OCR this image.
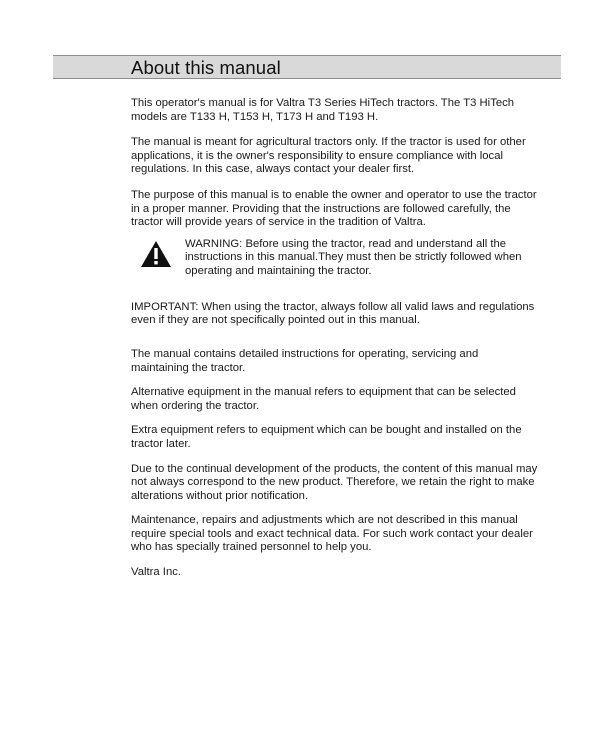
About this manual

This operator's manual is for Valtra T3 Series HiTech tractors. The T3 HiTech
models are T133 H, T153 H, T173 H and T193 H.

The manual is meant for agricultural tractors only. If the tractor is used for other
applications, it is the owner's responsibility to ensure compliance with local
regulations. In this case, always contact your dealer first.

The purpose of this manual is to enable the owner and operator to use the tractor
in a proper manner. Providing that the instructions are followed carefully, the
tractor will provide years of service in the tradition of Valtra.

WARNING: Before using the tractor, read and understand all the
instructions in this manual.They must then be strictly followed when
operating and maintaining the tractor.

IMPORTANT: When using the tractor, always follow all valid laws and regulations
even if they are not specifically pointed out in this manual.

The manual contains detailed instructions for operating, servicing and
maintaining the tractor.

Alternative equipment in the manual refers to equipment that can be selected
when ordering the tractor.

Extra equipment refers to equipment which can be bought and installed on the
tractor later.

Due to the continual development of the products, the content of this manual may
not always correspond to the new product. Therefore, we retain the right to make
alterations without prior notification.

Maintenance, repairs and adjustments which are not described in this manual
require special tools and exact technical data. For such work contact your dealer
who has specially trained personnel to help you.

Valtra Inc.
